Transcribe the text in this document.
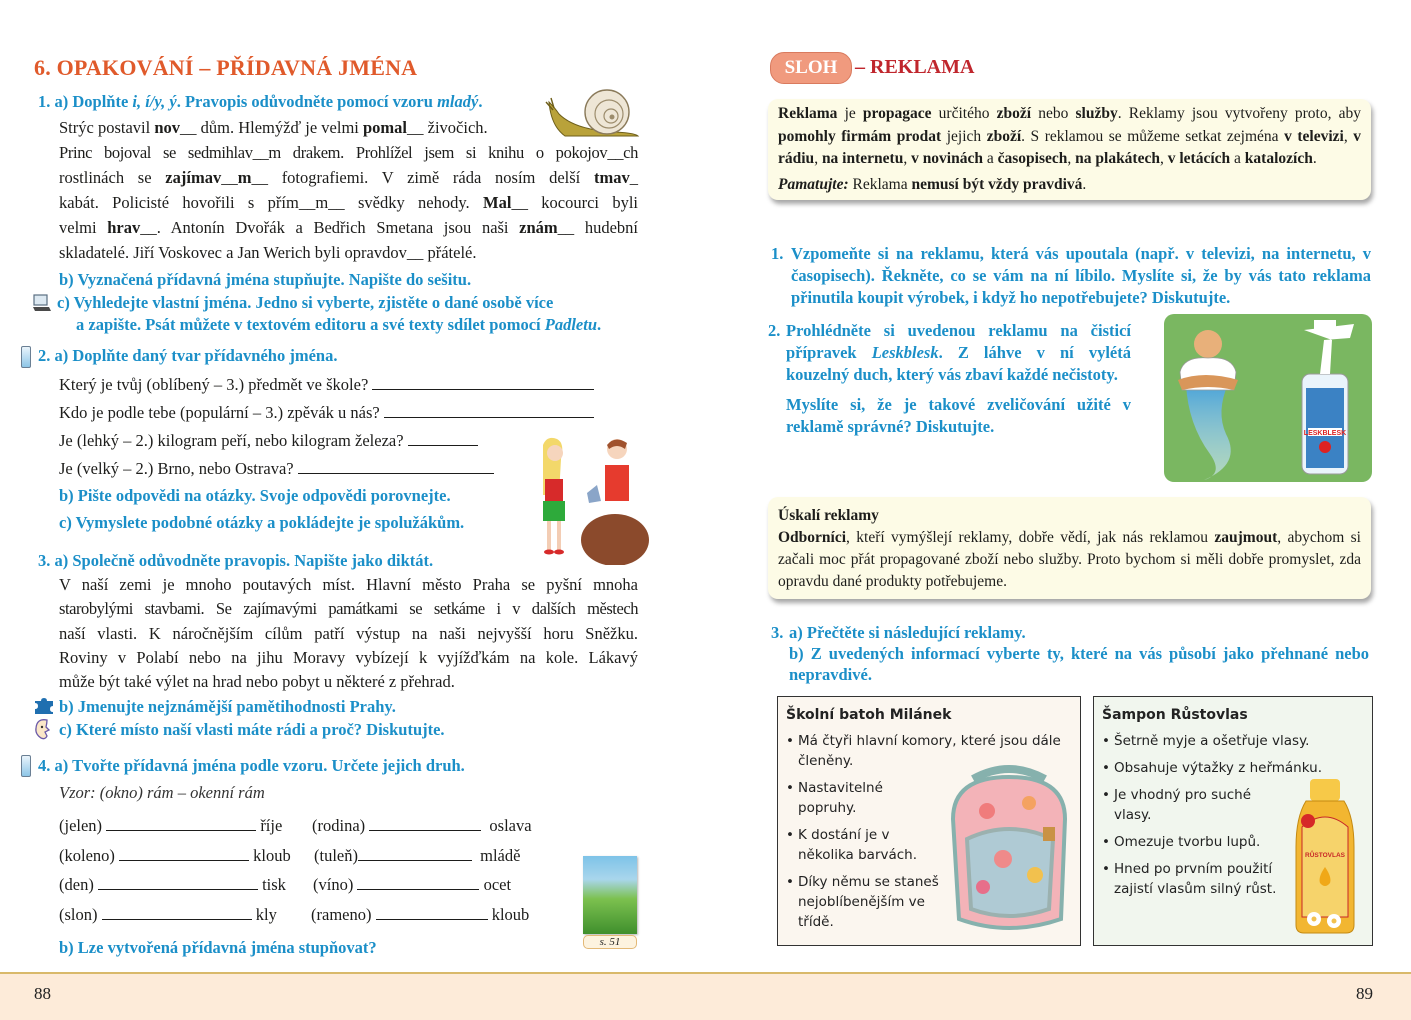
6. OPAKOVÁNÍ – PŘÍDAVNÁ JMÉNA
1. a) Doplňte i, í/y, ý. Pravopis odůvodněte pomocí vzoru mladý.
Strýc postavil nov__ dům. Hlemýžď je velmi pomal__ živočich.
Princ bojoval se sedmihlav__m drakem. Prohlížel jsem si knihu o pokojov__ch
rostlinách se zajímav__m__ fotografiemi. V zimě ráda nosím delší tmav_
kabát. Policisté hovořili s přím__m__ svědky nehody. Mal__ kocourci byli
velmi hrav__. Antonín Dvořák a Bedřich Smetana jsou naši znám__ hudební
skladatelé. Jiří Voskovec a Jan Werich byli opravdov__ přátelé.
b) Vyznačená přídavná jména stupňujte. Napište do sešitu.
c) Vyhledejte vlastní jména. Jedno si vyberte, zjistěte o dané osobě více
a zapište. Psát můžete v textovém editoru a své texty sdílet pomocí Padletu.
2. a) Doplňte daný tvar přídavného jména.
Který je tvůj (oblíbený – 3.) předmět ve škole?
Kdo je podle tebe (populární – 3.) zpěvák u nás?
Je (lehký – 2.) kilogram peří, nebo kilogram železa?
Je (velký – 2.) Brno, nebo Ostrava?
b) Pište odpovědi na otázky. Svoje odpovědi porovnejte.
c) Vymyslete podobné otázky a pokládejte je spolužákům.
3. a) Společně odůvodněte pravopis. Napište jako diktát.
V naší zemi je mnoho poutavých míst. Hlavní město Praha se pyšní mnoha
starobylými stavbami. Se zajímavými památkami se setkáme i v dalších městech
naší vlasti. K náročnějším cílům patří výstup na naši nejvyšší horu Sněžku.
Roviny v Polabí nebo na jihu Moravy vybízejí k vyjížďkám na kole. Lákavý
může být také výlet na hrad nebo pobyt u některé z přehrad.
b) Jmenujte nejznámější pamětihodnosti Prahy.
c) Které místo naší vlasti máte rádi a proč? Diskutujte.
4. a) Tvořte přídavná jména podle vzoru. Určete jejich druh.
Vzor: (okno) rám – okenní rám
(jelen)	říje (rodina)	oslava
(koleno)	kloub (tuleň)	mládě
(den)	tisk (víno)	ocet
(slon)	kly (rameno)	kloub
b) Lze vytvořená přídavná jména stupňovat?	s. 51
SLOH – REKLAMA
Reklama je propagace určitého zboží nebo služby. Reklamy jsou vytvořeny proto, aby pomohly firmám prodat jejich zboží. S reklamou se můžeme setkat zejména v televizi, v rádiu, na internetu, v novinách a časopisech, na plakátech, v letácích a katalozích.
Pamatujte: Reklama nemusí být vždy pravdivá.
1. Vzpomeňte si na reklamu, která vás upoutala (např. v televizi, na internetu, v časopisech). Řekněte, co se vám na ní líbilo. Myslíte si, že by vás tato reklama přinutila koupit výrobek, i když ho nepotřebujete? Diskutujte.
2. Prohlédněte si uvedenou reklamu na čisticí přípravek Leskblesk. Z láhve v ní vylétá kouzelný duch, který vás zbaví každé nečistoty.
Myslíte si, že je takové zveličování užité v reklamě správné? Diskutujte.	LESKBLESK
Úskalí reklamy
Odborníci, kteří vymýšlejí reklamy, dobře vědí, jak nás reklamou zaujmout, abychom si začali moc přát propagované zboží nebo služby. Proto bychom si měli dobře promyslet, zda opravdu dané produkty potřebujeme.
3. a) Přečtěte si následující reklamy.
b) Z uvedených informací vyberte ty, které na vás působí jako přehnané nebo nepravdivé.
Školní batoh Milánek
• Má čtyři hlavní komory, které jsou dále členěny.
• Nastavitelné popruhy.
• K dostání je v několika barvách.
• Díky němu se staneš nejoblíbenějším ve třídě.
Šampon Růstovlas
• Šetrně myje a ošetřuje vlasy.
• Obsahuje výtažky z heřmánku.
• Je vhodný pro suché vlasy.
• Omezuje tvorbu lupů.
• Hned po prvním použití zajistí vlasům silný růst.
RŮSTOVLAS
88	89
